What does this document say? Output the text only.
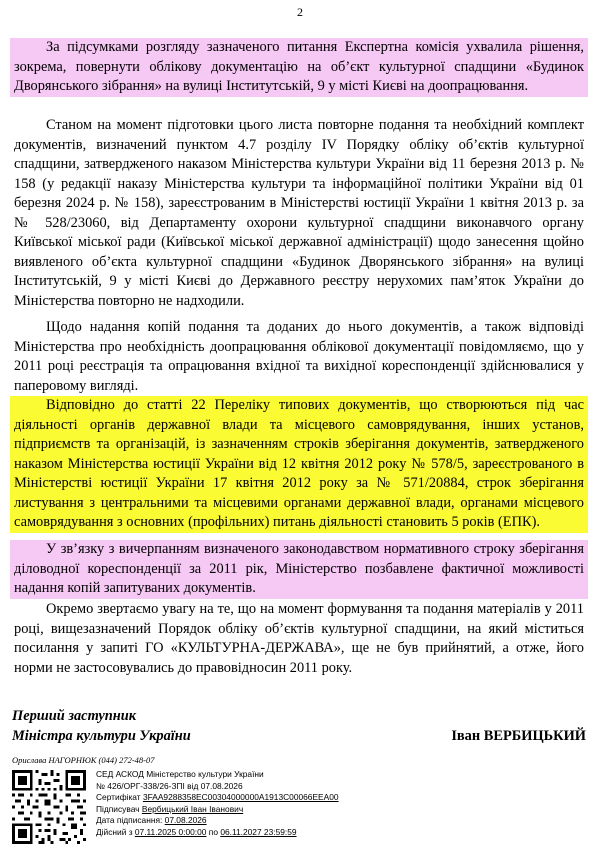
2

За підсумками розгляду зазначеного питання Експертна комісія ухвалила рішення, зокрема, повернути облікову документацію на об’єкт культурної спадщини «Будинок Дворянського зібрання» на вулиці Інститутській, 9 у місті Києві на доопрацювання.

Станом на момент підготовки цього листа повторне подання та необхідний комплект документів, визначений пунктом 4.7 розділу IV Порядку обліку об’єктів культурної спадщини, затвердженого наказом Міністерства культури України від 11 березня 2013 р. № 158 (у редакції наказу Міністерства культури та інформаційної політики України від 01 березня 2024 р. № 158), зареєстрованим в Міністерстві юстиції України 1 квітня 2013 р. за № 528/23060, від Департаменту охорони культурної спадщини виконавчого органу Київської міської ради (Київської міської державної адміністрації) щодо занесення щойно виявленого об’єкта культурної спадщини «Будинок Дворянського зібрання» на вулиці Інститутській, 9 у місті Києві до Державного реєстру нерухомих пам’яток України до Міністерства повторно не надходили.

Щодо надання копій подання та доданих до нього документів, а також відповіді Міністерства про необхідність доопрацювання облікової документації повідомляємо, що у 2011 році реєстрація та опрацювання вхідної та вихідної кореспонденції здійснювалися у паперовому вигляді.

Відповідно до статті 22 Переліку типових документів, що створюються під час діяльності органів державної влади та місцевого самоврядування, інших установ, підприємств та організацій, із зазначенням строків зберігання документів, затвердженого наказом Міністерства юстиції України від 12 квітня 2012 року № 578/5, зареєстрованого в Міністерстві юстиції України 17 квітня 2012 року за № 571/20884, строк зберігання листування з центральними та місцевими органами державної влади, органами місцевого самоврядування з основних (профільних) питань діяльності становить 5 років (ЕПК).

У зв’язку з вичерпанням визначеного законодавством нормативного строку зберігання діловодної кореспонденції за 2011 рік, Міністерство позбавлене фактичної можливості надання копій запитуваних документів.

Окремо звертаємо увагу на те, що на момент формування та подання матеріалів у 2011 році, вищезазначений Порядок обліку об’єктів культурної спадщини, на який міститься посилання у запиті ГО «КУЛЬТУРНА-ДЕРЖАВА», ще не був прийнятий, а отже, його норми не застосовувались до правовідносин 2011 року.

Перший заступник
Міністра культури України	Іван ВЕРБИЦЬКИЙ
Орислава НАГОРНЮК (044) 272-48-07
СЕД АСКОД Міністерство культури України
№ 426/ОРГ-338/26-ЗПІ від 07.08.2026
Сертифікат 3FAA9288358EC00304000000A1913C00066EEA00
Підписувач Вербицький Іван Іванович
Дата підписання: 07.08.2026
Дійсний з 07.11.2025 0:00:00 по 06.11.2027 23:59:59
